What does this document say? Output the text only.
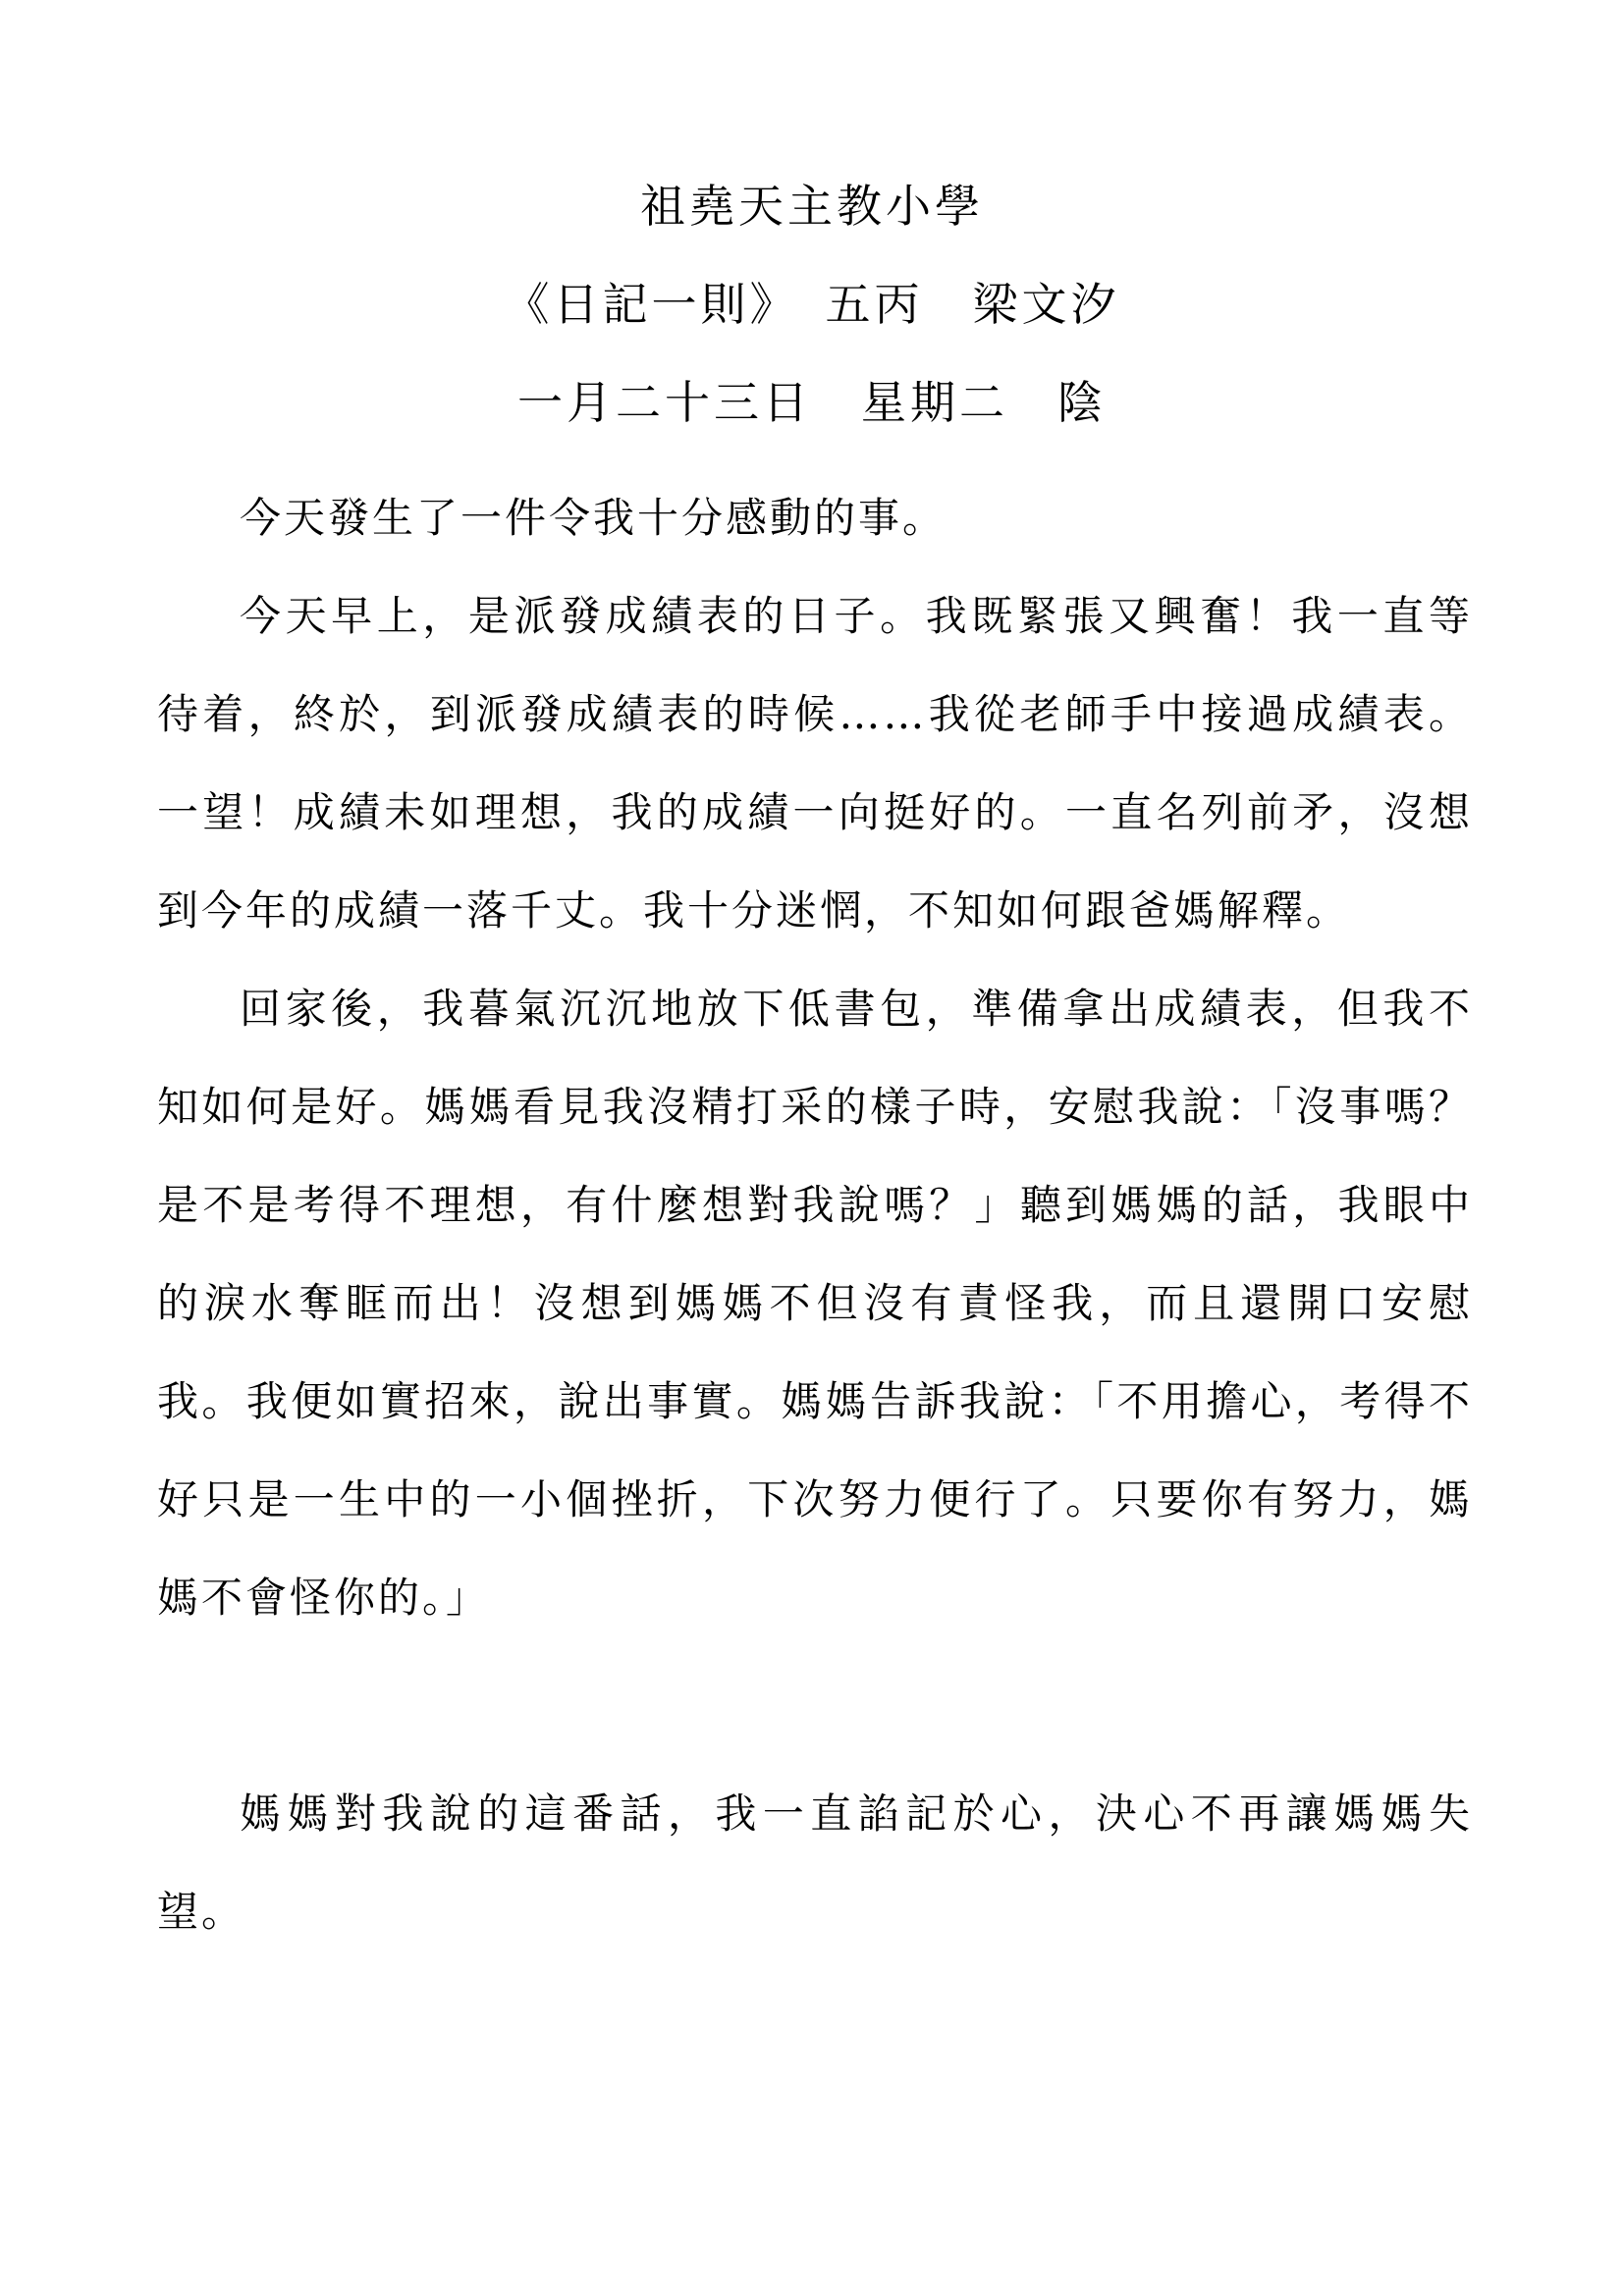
祖堯天主教小學
《日記一則》　五丙　梁文汐
一月二十三日　星期二　陰

今天發生了一件令我十分感動的事。

今天早上，是派發成績表的日子。我既緊張又興奮！我一直等待着，終於，到派發成績表的時候……我從老師手中接過成績表。一望！成績未如理想，我的成績一向挺好的。一直名列前矛，沒想到今年的成績一落千丈。我十分迷惘，不知如何跟爸媽解釋。

回家後，我暮氣沉沉地放下低書包，準備拿出成績表，但我不知如何是好。媽媽看見我沒精打采的樣子時，安慰我說：「沒事嗎？是不是考得不理想，有什麼想對我說嗎？」聽到媽媽的話，我眼中的淚水奪眶而出！沒想到媽媽不但沒有責怪我，而且還開口安慰我。我便如實招來，說出事實。媽媽告訴我說：「不用擔心，考得不好只是一生中的一小個挫折，下次努力便行了。只要你有努力，媽媽不會怪你的。」

媽媽對我說的這番話，我一直諂記於心，決心不再讓媽媽失望。
